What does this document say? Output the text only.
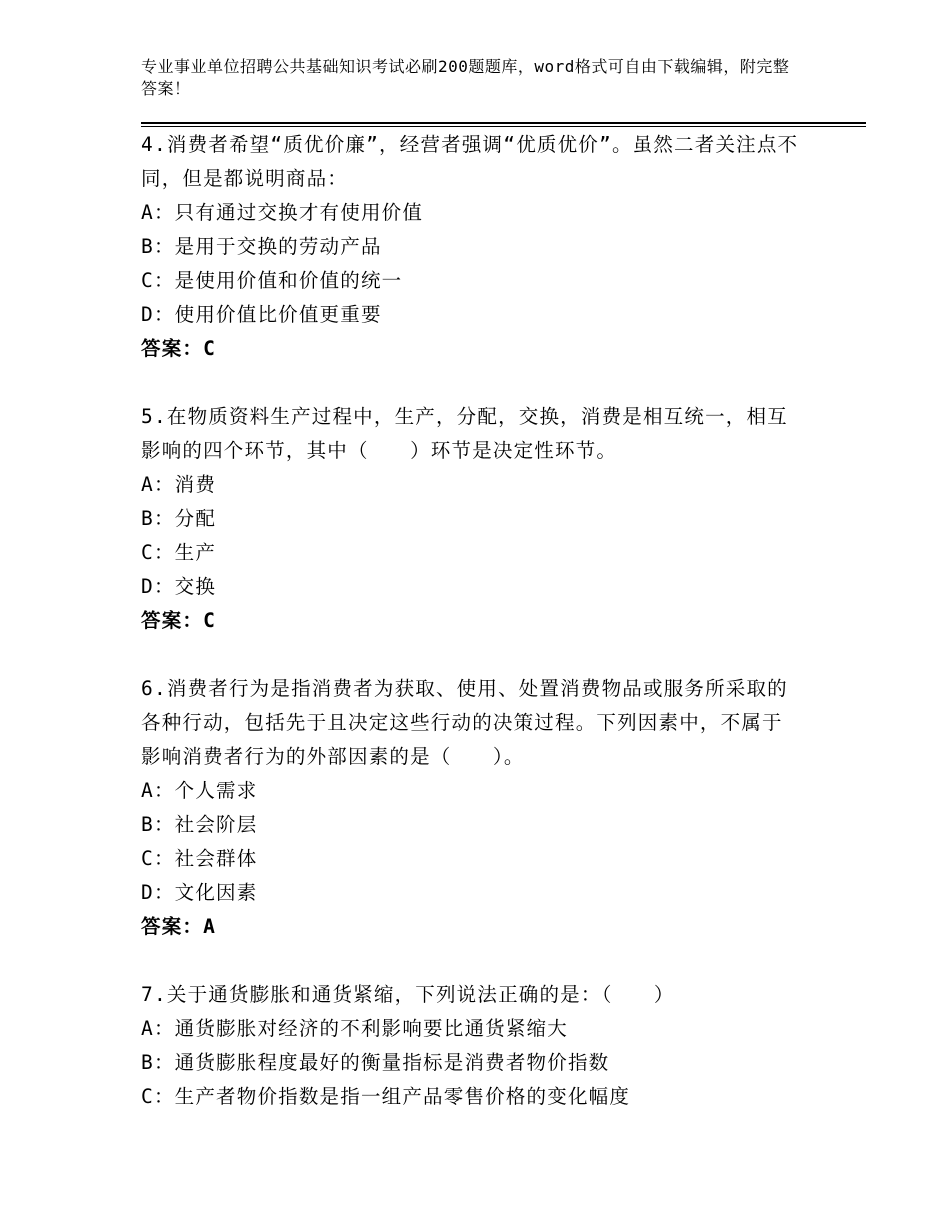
专业事业单位招聘公共基础知识考试必刷200题题库，word格式可自由下载编辑，附完整答案！
4.消费者希望“质优价廉”，经营者强调“优质优价”。虽然二者关注点不同，但是都说明商品：
A：只有通过交换才有使用价值
B：是用于交换的劳动产品
C：是使用价值和价值的统一
D：使用价值比价值更重要
答案：C
5.在物质资料生产过程中，生产，分配，交换，消费是相互统一，相互影响的四个环节，其中（　　）环节是决定性环节。
A：消费
B：分配
C：生产
D：交换
答案：C
6.消费者行为是指消费者为获取、使用、处置消费物品或服务所采取的各种行动，包括先于且决定这些行动的决策过程。下列因素中，不属于影响消费者行为的外部因素的是（　　）。
A：个人需求
B：社会阶层
C：社会群体
D：文化因素
答案：A
7.关于通货膨胀和通货紧缩，下列说法正确的是：（　　）
A：通货膨胀对经济的不利影响要比通货紧缩大
B：通货膨胀程度最好的衡量指标是消费者物价指数
C：生产者物价指数是指一组产品零售价格的变化幅度
